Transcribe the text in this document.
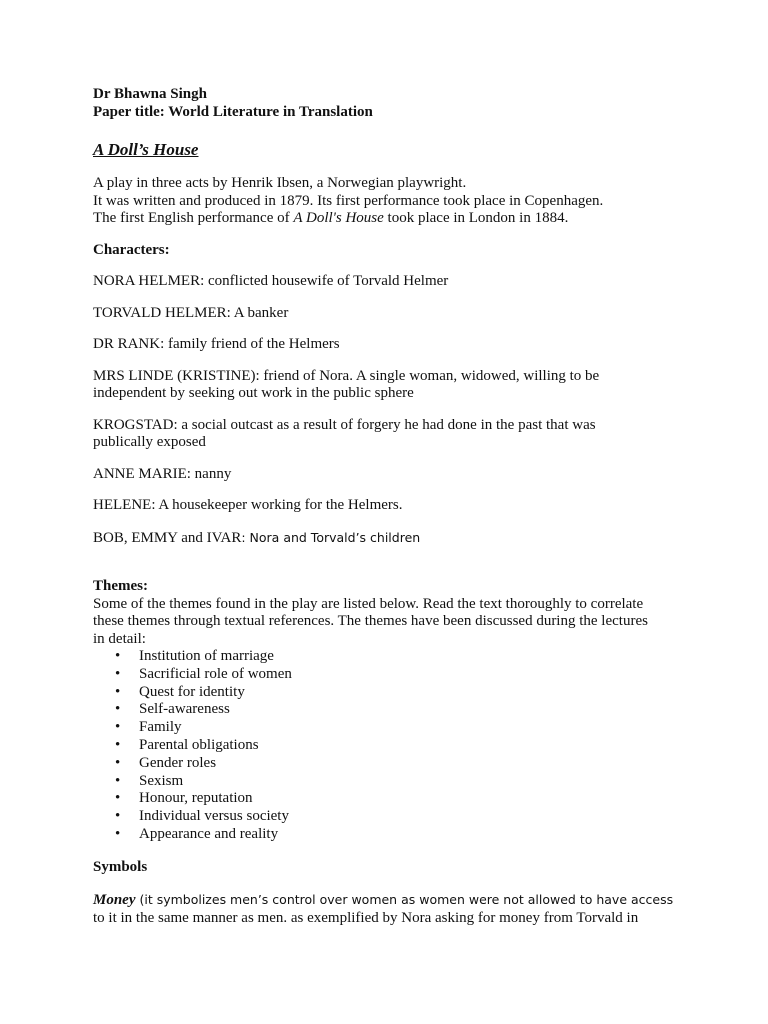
Dr Bhawna Singh
Paper title: World Literature in Translation
A Doll’s House
A play in three acts by Henrik Ibsen, a Norwegian playwright.
It was written and produced in 1879. Its first performance took place in Copenhagen.
The first English performance of A Doll's House took place in London in 1884.
Characters:
NORA HELMER: conflicted housewife of Torvald Helmer
TORVALD HELMER: A banker
DR RANK: family friend of the Helmers
MRS LINDE (KRISTINE): friend of Nora. A single woman, widowed, willing to be
independent by seeking out work in the public sphere
KROGSTAD: a social outcast as a result of forgery he had done in the past that was
publically exposed
ANNE MARIE: nanny
HELENE: A housekeeper working for the Helmers.
BOB, EMMY and IVAR: Nora and Torvald’s children
Themes:
Some of the themes found in the play are listed below. Read the text thoroughly to correlate
these themes through textual references. The themes have been discussed during the lectures
in detail:
• Institution of marriage
• Sacrificial role of women
• Quest for identity
• Self-awareness
• Family
• Parental obligations
• Gender roles
• Sexism
• Honour, reputation
• Individual versus society
• Appearance and reality
Symbols
Money (it symbolizes men’s control over women as women were not allowed to have access
to it in the same manner as men. as exemplified by Nora asking for money from Torvald in
